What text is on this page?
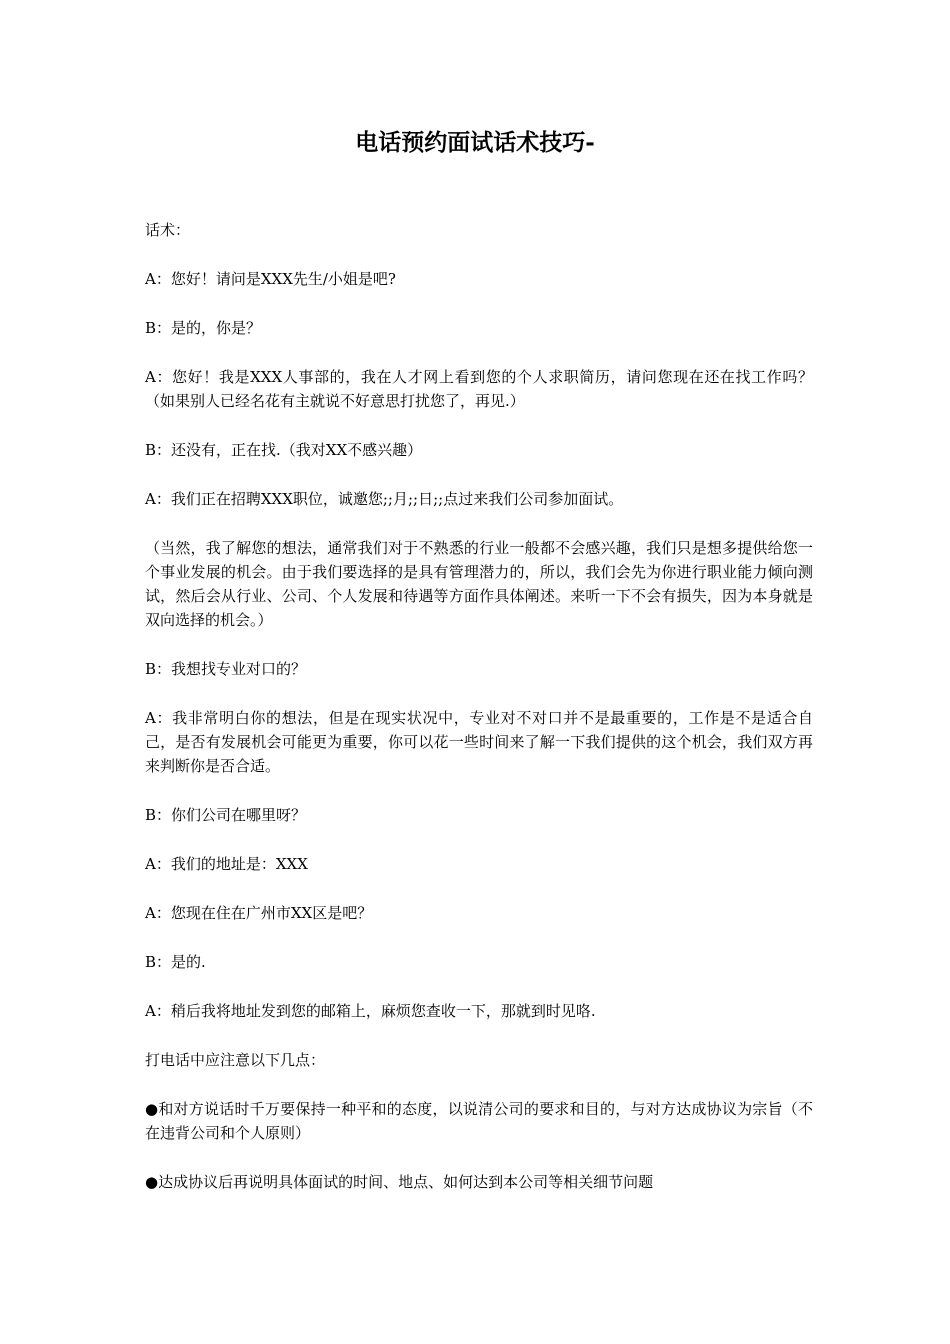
电话预约面试话术技巧-

话术：

A：您好！请问是XXX先生/小姐是吧?

B：是的，你是？

A：您好！我是XXX人事部的，我在人才网上看到您的个人求职简历，请问您现在还在找工作吗？（如果别人已经名花有主就说不好意思打扰您了，再见.）

B：还没有，正在找.（我对XX不感兴趣）

A：我们正在招聘XXX职位，诚邀您;;月;;日;;点过来我们公司参加面试。

（当然，我了解您的想法，通常我们对于不熟悉的行业一般都不会感兴趣，我们只是想多提供给您一个事业发展的机会。由于我们要选择的是具有管理潜力的，所以，我们会先为你进行职业能力倾向测试，然后会从行业、公司、个人发展和待遇等方面作具体阐述。来听一下不会有损失，因为本身就是双向选择的机会。）

B：我想找专业对口的？

A：我非常明白你的想法，但是在现实状况中，专业对不对口并不是最重要的，工作是不是适合自己，是否有发展机会可能更为重要，你可以花一些时间来了解一下我们提供的这个机会，我们双方再来判断你是否合适。

B：你们公司在哪里呀？

A：我们的地址是：XXX

A：您现在住在广州市XX区是吧？

B：是的.

A：稍后我将地址发到您的邮箱上，麻烦您查收一下，那就到时见咯.

打电话中应注意以下几点：

●和对方说话时千万要保持一种平和的态度，以说清公司的要求和目的，与对方达成协议为宗旨（不在违背公司和个人原则）

●达成协议后再说明具体面试的时间、地点、如何达到本公司等相关细节问题
